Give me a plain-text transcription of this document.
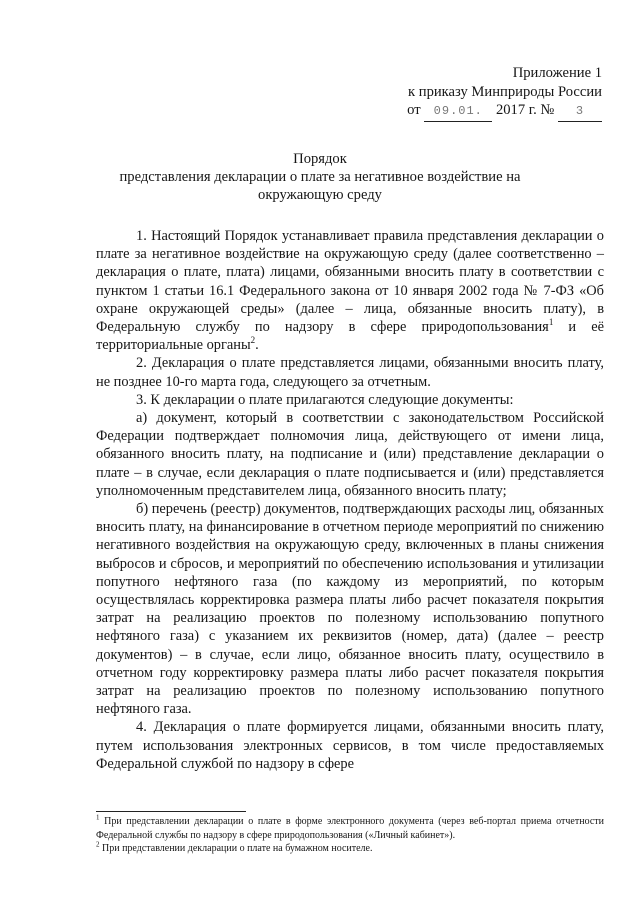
Приложение 1
к приказу Минприроды России
от 09.01. 2017 г. № 3
Порядок
представления декларации о плате за негативное воздействие на окружающую среду

1. Настоящий Порядок устанавливает правила представления декларации о плате за негативное воздействие на окружающую среду (далее соответственно – декларация о плате, плата) лицами, обязанными вносить плату в соответствии с пунктом 1 статьи 16.1 Федерального закона от 10 января 2002 года № 7-ФЗ «Об охране окружающей среды» (далее – лица, обязанные вносить плату), в Федеральную службу по надзору в сфере природопользования$^1$ и её территориальные органы$^2$.

2. Декларация о плате представляется лицами, обязанными вносить плату, не позднее 10-го марта года, следующего за отчетным.

3. К декларации о плате прилагаются следующие документы:

а) документ, который в соответствии с законодательством Российской Федерации подтверждает полномочия лица, действующего от имени лица, обязанного вносить плату, на подписание и (или) представление декларации о плате – в случае, если декларация о плате подписывается и (или) представляется уполномоченным представителем лица, обязанного вносить плату;

б) перечень (реестр) документов, подтверждающих расходы лиц, обязанных вносить плату, на финансирование в отчетном периоде мероприятий по снижению негативного воздействия на окружающую среду, включенных в планы снижения выбросов и сбросов, и мероприятий по обеспечению использования и утилизации попутного нефтяного газа (по каждому из мероприятий, по которым осуществлялась корректировка размера платы либо расчет показателя покрытия затрат на реализацию проектов по полезному использованию попутного нефтяного газа) с указанием их реквизитов (номер, дата) (далее – реестр документов) – в случае, если лицо, обязанное вносить плату, осуществило в отчетном году корректировку размера платы либо расчет показателя покрытия затрат на реализацию проектов по полезному использованию попутного нефтяного газа.

4. Декларация о плате формируется лицами, обязанными вносить плату, путем использования электронных сервисов, в том числе предоставляемых Федеральной службой по надзору в сфере

$^1$ При представлении декларации о плате в форме электронного документа (через веб-портал приема отчетности Федеральной службы по надзору в сфере природопользования («Личный кабинет»).

$^2$ При представлении декларации о плате на бумажном носителе.
